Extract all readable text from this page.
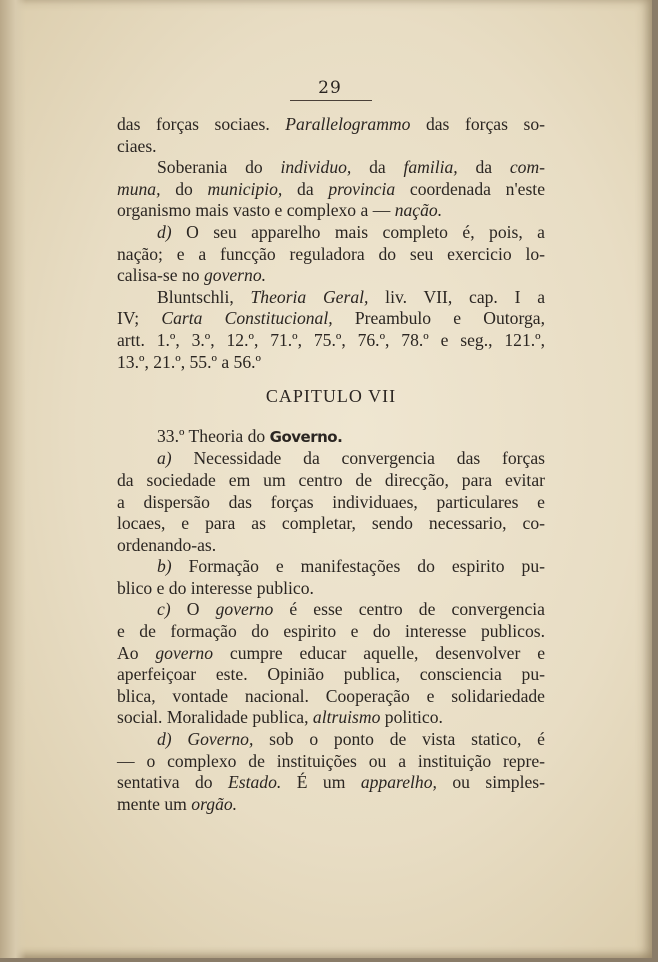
29
das forças sociaes. Parallelogrammo das forças so-
ciaes.
Soberania do individuo, da familia, da com-
muna, do municipio, da provincia coordenada n'este
organismo mais vasto e complexo a — nação.
d) O seu apparelho mais completo é, pois, a
nação; e a funcção reguladora do seu exercicio lo-
calisa-se no governo.
Bluntschli, Theoria Geral, liv. VII, cap. I a
IV; Carta Constitucional, Preambulo e Outorga,
artt. 1.º, 3.º, 12.º, 71.º, 75.º, 76.º, 78.º e seg., 121.º,
13.º, 21.º, 55.º a 56.º
CAPITULO VII
33.º Theoria do Governo.
a) Necessidade da convergencia das forças
da sociedade em um centro de direcção, para evitar
a dispersão das forças individuaes, particulares e
locaes, e para as completar, sendo necessario, co-
ordenando-as.
b) Formação e manifestações do espirito pu-
blico e do interesse publico.
c) O governo é esse centro de convergencia
e de formação do espirito e do interesse publicos.
Ao governo cumpre educar aquelle, desenvolver e
aperfeiçoar este. Opinião publica, consciencia pu-
blica, vontade nacional. Cooperação e solidariedade
social. Moralidade publica, altruismo politico.
d) Governo, sob o ponto de vista statico, é
— o complexo de instituições ou a instituição repre-
sentativa do Estado. É um apparelho, ou simples-
mente um orgão.
